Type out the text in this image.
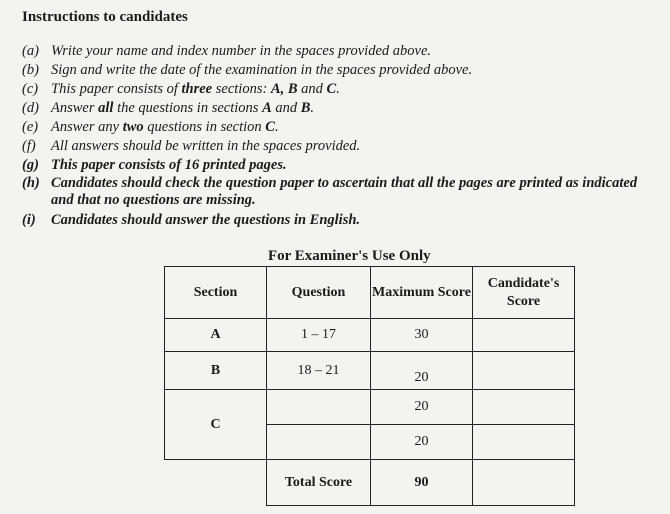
Instructions to candidates
(a) Write your name and index number in the spaces provided above.
(b) Sign and write the date of the examination in the spaces provided above.
(c) This paper consists of three sections: A, B and C.
(d) Answer all the questions in sections A and B.
(e) Answer any two questions in section C.
(f) All answers should be written in the spaces provided.
(g) This paper consists of 16 printed pages.
(h) Candidates should check the question paper to ascertain that all the pages are printed as indicated and that no questions are missing.
(i) Candidates should answer the questions in English.
For Examiner's Use Only
Section	Question	Maximum Score	Candidate's Score
A	1 – 17	30	
B	18 – 21	20	
C		20	
		20	
	Total Score	90	
